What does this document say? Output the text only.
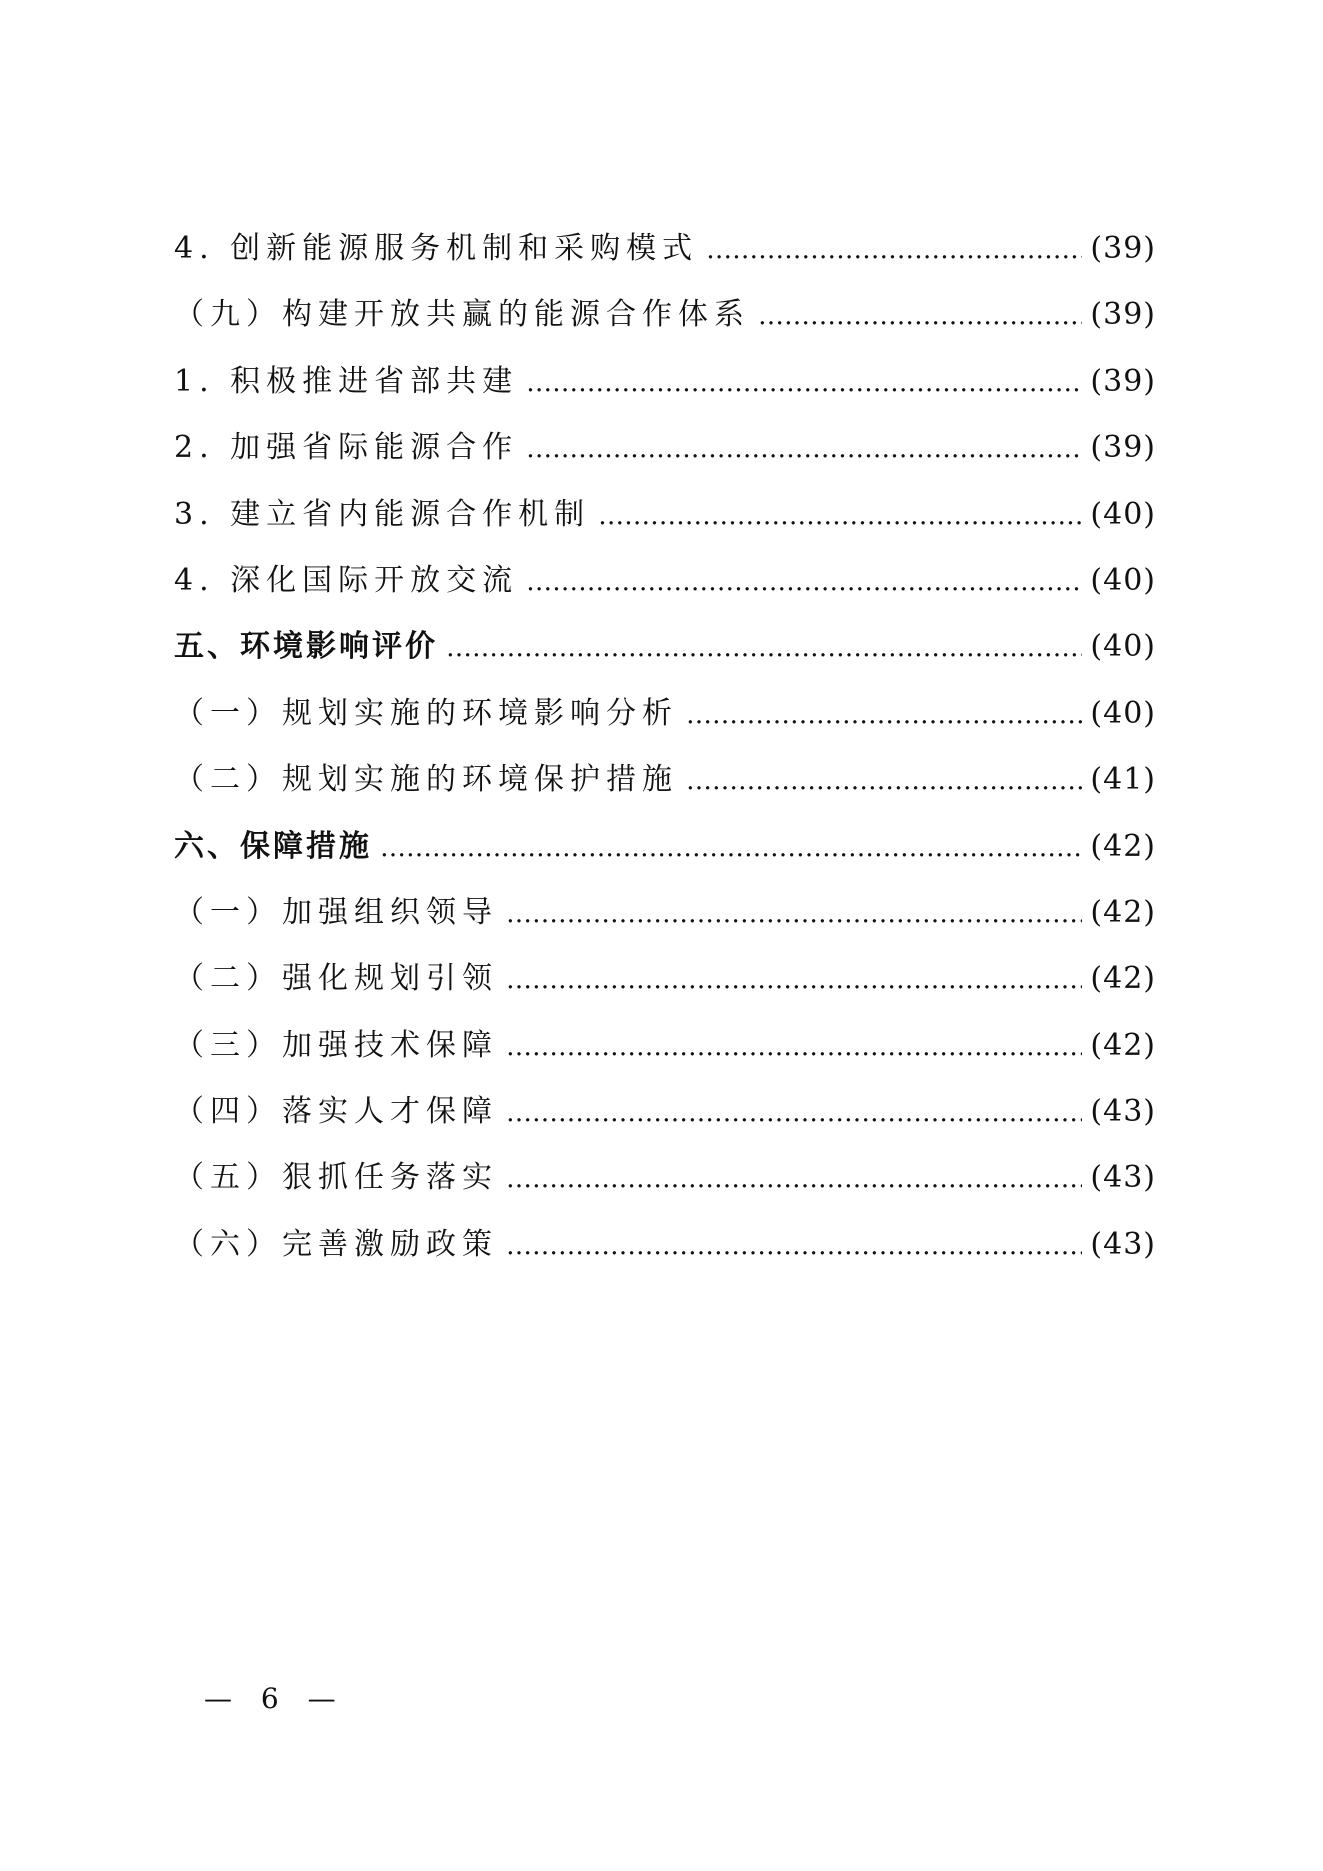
4. 创新能源服务机制和采购模式 …………………………………………………………………………………………………………………………………………………………………………	(39)
（九）构建开放共赢的能源合作体系 …………………………………………………………………………………………………………………………………………………………………………	(39)
1. 积极推进省部共建 …………………………………………………………………………………………………………………………………………………………………………	(39)
2. 加强省际能源合作 …………………………………………………………………………………………………………………………………………………………………………	(39)
3. 建立省内能源合作机制 …………………………………………………………………………………………………………………………………………………………………………	(40)
4. 深化国际开放交流 …………………………………………………………………………………………………………………………………………………………………………	(40)
五、环境影响评价 …………………………………………………………………………………………………………………………………………………………………………	(40)
（一）规划实施的环境影响分析 …………………………………………………………………………………………………………………………………………………………………………	(40)
（二）规划实施的环境保护措施 …………………………………………………………………………………………………………………………………………………………………………	(41)
六、保障措施 …………………………………………………………………………………………………………………………………………………………………………	(42)
（一）加强组织领导 …………………………………………………………………………………………………………………………………………………………………………	(42)
（二）强化规划引领 …………………………………………………………………………………………………………………………………………………………………………	(42)
（三）加强技术保障 …………………………………………………………………………………………………………………………………………………………………………	(42)
（四）落实人才保障 …………………………………………………………………………………………………………………………………………………………………………	(43)
（五）狠抓任务落实 …………………………………………………………………………………………………………………………………………………………………………	(43)
（六）完善激励政策 …………………………………………………………………………………………………………………………………………………………………………	(43)
— 6 —
